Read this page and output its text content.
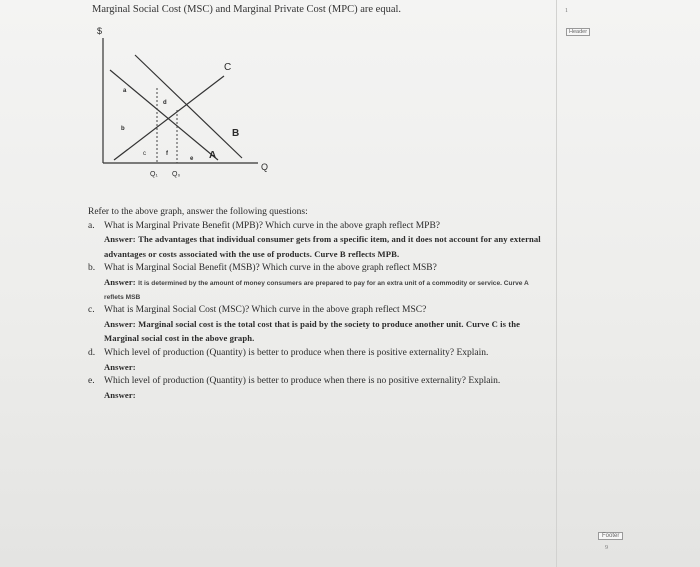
Marginal Social Cost (MSC) and Marginal Private Cost (MPC) are equal.	1
Header
$
Q
C
B
A
a
b
c
d
e
f
Q₁ Q₀
Refer to the above graph, answer the following questions:
a. What is Marginal Private Benefit (MPB)? Which curve in the above graph reflect MPB?
Answer: The advantages that individual consumer gets from a specific item, and it does not account for any external advantages or costs associated with the use of products. Curve B reflects MPB.
b. What is Marginal Social Benefit (MSB)? Which curve in the above graph reflect MSB?
Answer: It is determined by the amount of money consumers are prepared to pay for an extra unit of a commodity or service. Curve A reflets MSB
c. What is Marginal Social Cost (MSC)? Which curve in the above graph reflect MSC?
Answer: Marginal social cost is the total cost that is paid by the society to produce another unit. Curve C is the Marginal social cost in the above graph.
d. Which level of production (Quantity) is better to produce when there is positive externality? Explain.
Answer:
e. Which level of production (Quantity) is better to produce when there is no positive externality? Explain.
Answer:
Footer
9
